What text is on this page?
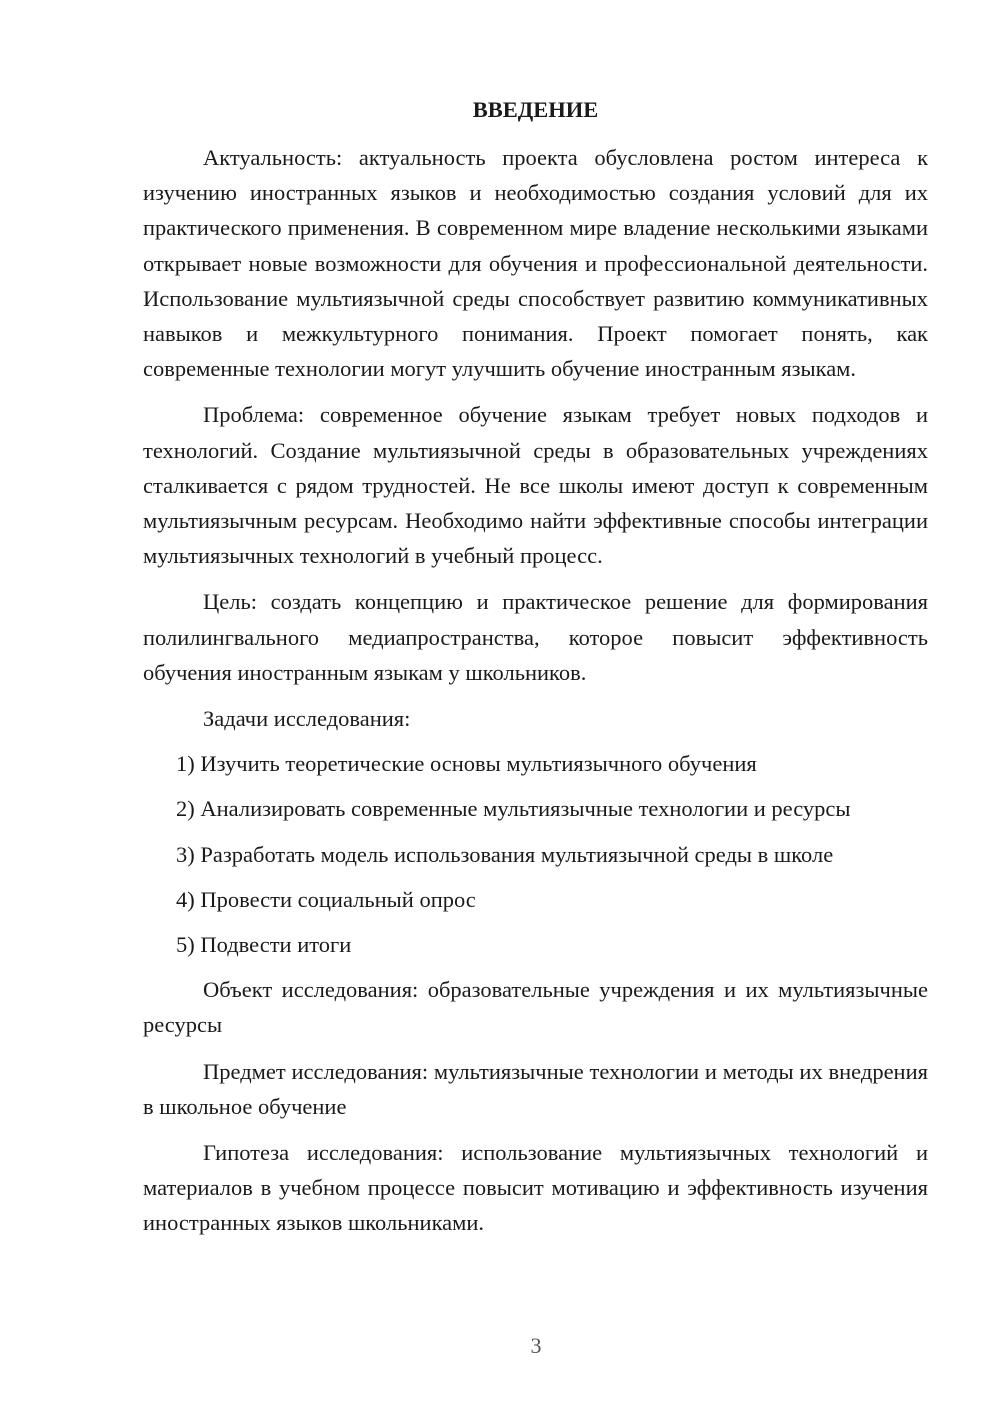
ВВЕДЕНИЕ

Актуальность: актуальность проекта обусловлена ростом интереса к изучению иностранных языков и необходимостью создания условий для их практического применения. В современном мире владение несколькими языками открывает новые возможности для обучения и профессиональной деятельности. Использование мультиязычной среды способствует развитию коммуникативных навыков и межкультурного понимания. Проект помогает понять, как современные технологии могут улучшить обучение иностранным языкам.

Проблема: современное обучение языкам требует новых подходов и технологий. Создание мультиязычной среды в образовательных учреждениях сталкивается с рядом трудностей. Не все школы имеют доступ к современным мультиязычным ресурсам. Необходимо найти эффективные способы интеграции мультиязычных технологий в учебный процесс.

Цель: создать концепцию и практическое решение для формирования полилингвального медиапространства, которое повысит эффективность обучения иностранным языкам у школьников.

Задачи исследования:

1) Изучить теоретические основы мультиязычного обучения
2) Анализировать современные мультиязычные технологии и ресурсы
3) Разработать модель использования мультиязычной среды в школе
4) Провести социальный опрос
5) Подвести итоги

Объект исследования: образовательные учреждения и их мультиязычные ресурсы

Предмет исследования: мультиязычные технологии и методы их внедрения в школьное обучение

Гипотеза исследования: использование мультиязычных технологий и материалов в учебном процессе повысит мотивацию и эффективность изучения иностранных языков школьниками.

3
